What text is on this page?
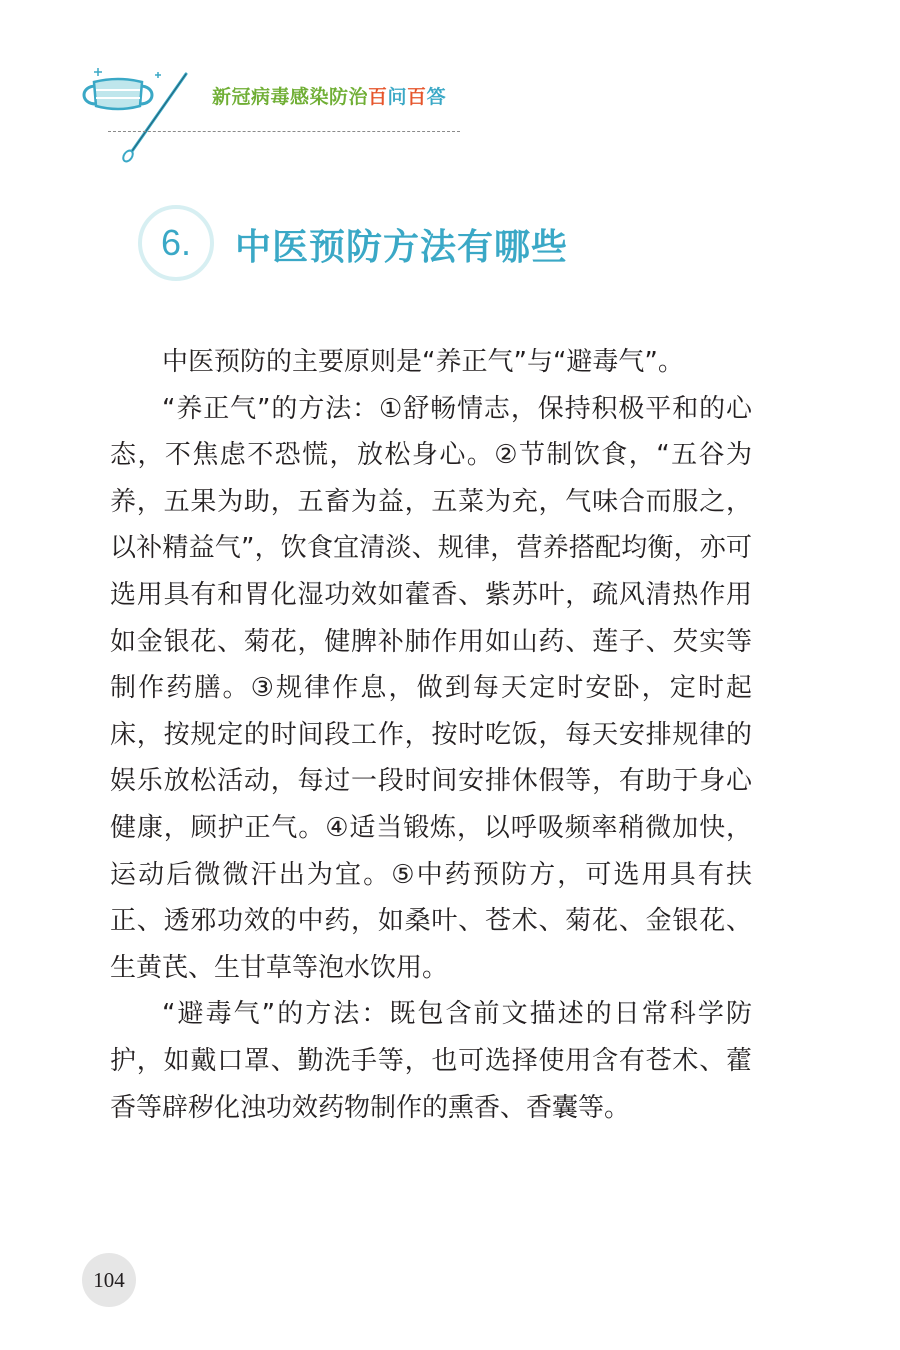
新冠病毒感染防治百问百答
6.	中医预防方法有哪些

中医预防的主要原则是“养正气”与“避毒气”。

“养正气”的方法：①舒畅情志，保持积极平和的心态，不焦虑不恐慌，放松身心。②节制饮食，“五谷为养，五果为助，五畜为益，五菜为充，气味合而服之，以补精益气”，饮食宜清淡、规律，营养搭配均衡，亦可选用具有和胃化湿功效如藿香、紫苏叶，疏风清热作用如金银花、菊花，健脾补肺作用如山药、莲子、芡实等制作药膳。③规律作息，做到每天定时安卧，定时起床，按规定的时间段工作，按时吃饭，每天安排规律的娱乐放松活动，每过一段时间安排休假等，有助于身心健康，顾护正气。④适当锻炼，以呼吸频率稍微加快，运动后微微汗出为宜。⑤中药预防方，可选用具有扶正、透邪功效的中药，如桑叶、苍术、菊花、金银花、生黄芪、生甘草等泡水饮用。

“避毒气”的方法：既包含前文描述的日常科学防护，如戴口罩、勤洗手等，也可选择使用含有苍术、藿香等辟秽化浊功效药物制作的熏香、香囊等。

104
